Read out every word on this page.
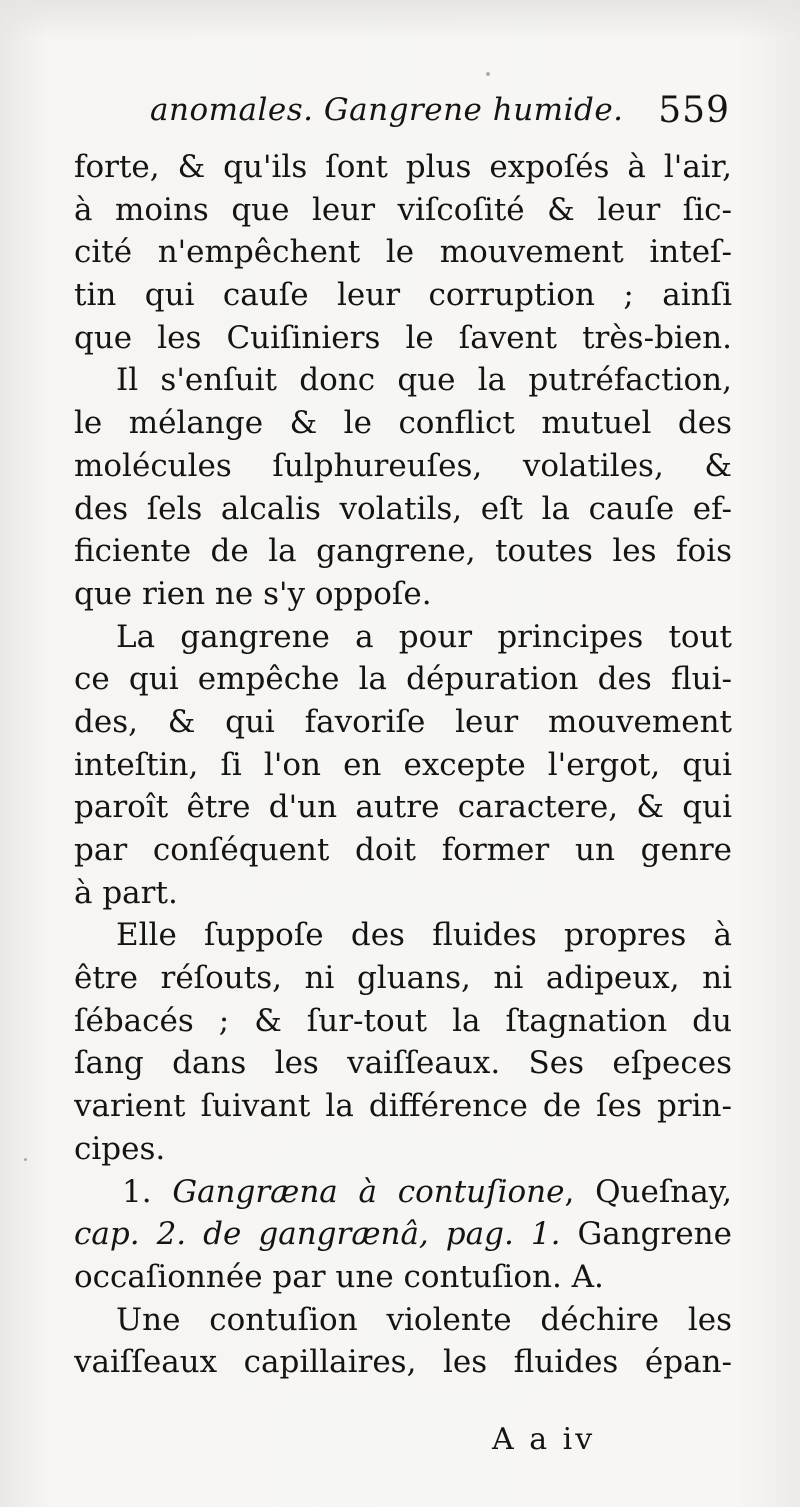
anomales. Gangrene humide. 559
forte, & qu'ils ſont plus expoſés à l'air,
à moins que leur viſcoſité & leur ſic-
cité n'empêchent le mouvement inteſ-
tin qui cauſe leur corruption ; ainſi
que les Cuiſiniers le ſavent très-bien.
Il s'enſuit donc que la putréfaction,
le mélange & le conflict mutuel des
molécules ſulphureuſes, volatiles, &
des ſels alcalis volatils, eſt la cauſe ef-
ficiente de la gangrene, toutes les fois
que rien ne s'y oppoſe.
La gangrene a pour principes tout
ce qui empêche la dépuration des flui-
des, & qui favoriſe leur mouvement
inteſtin, ſi l'on en excepte l'ergot, qui
paroît être d'un autre caractere, & qui
par conſéquent doit former un genre
à part.
Elle ſuppoſe des fluides propres à
être réſouts, ni gluans, ni adipeux, ni
ſébacés ; & ſur-tout la ſtagnation du
ſang dans les vaiſſeaux. Ses eſpeces
varient ſuivant la différence de ſes prin-
cipes.
1. Gangræna à contuſione, Queſnay,
cap. 2. de gangrænâ, pag. 1. Gangrene
occaſionnée par une contuſion. A.
Une contuſion violente déchire les
vaiſſeaux capillaires, les fluides épan-
A a iv
